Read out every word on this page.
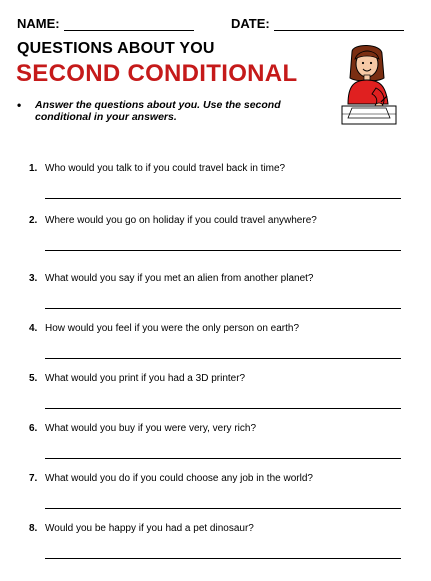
NAME:	DATE:
QUESTIONS ABOUT YOU
SECOND CONDITIONAL
•	Answer the questions about you. Use the second conditional in your answers.
1. Who would you talk to if you could travel back in time?
2. Where would you go on holiday if you could travel anywhere?
3. What would you say if you met an alien from another planet?
4. How would you feel if you were the only person on earth?
5. What would you print if you had a 3D printer?
6. What would you buy if you were very, very rich?
7. What would you do if you could choose any job in the world?
8. Would you be happy if you had a pet dinosaur?
